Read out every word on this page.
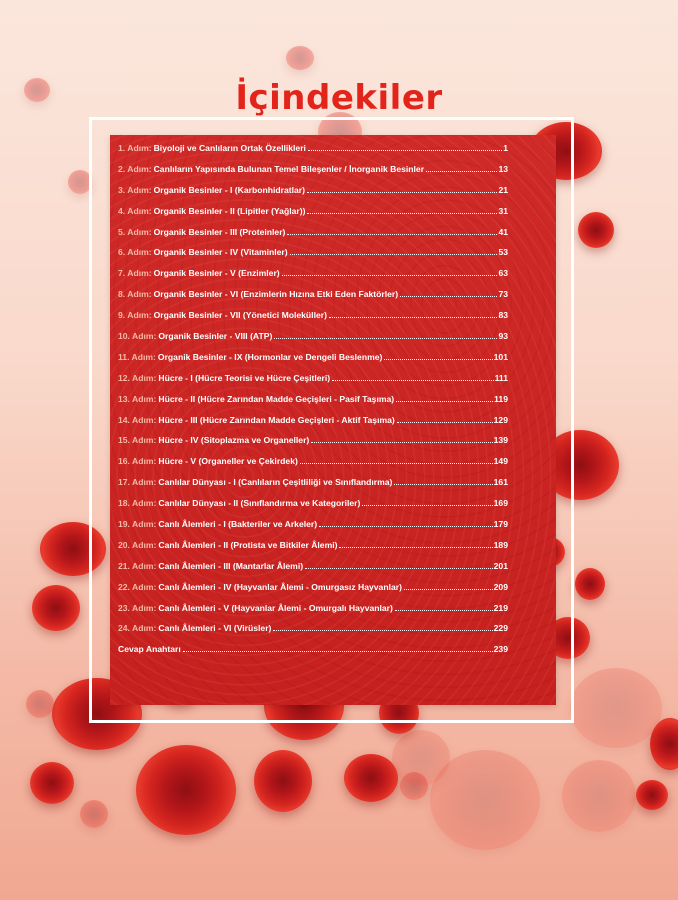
İçindekiler
1. Adım: Biyoloji ve Canlıların Ortak Özellikleri	1
2. Adım: Canlıların Yapısında Bulunan Temel Bileşenler / İnorganik Besinler	13
3. Adım: Organik Besinler - I (Karbonhidratlar)	21
4. Adım: Organik Besinler - II (Lipitler (Yağlar))	31
5. Adım: Organik Besinler - III (Proteinler)	41
6. Adım: Organik Besinler - IV (Vitaminler)	53
7. Adım: Organik Besinler - V (Enzimler)	63
8. Adım: Organik Besinler - VI (Enzimlerin Hızına Etki Eden Faktörler)	73
9. Adım: Organik Besinler - VII (Yönetici Moleküller)	83
10. Adım: Organik Besinler - VIII (ATP)	93
11. Adım: Organik Besinler - IX (Hormonlar ve Dengeli Beslenme)	101
12. Adım: Hücre - I (Hücre Teorisi ve Hücre Çeşitleri)	111
13. Adım: Hücre - II (Hücre Zarından Madde Geçişleri - Pasif Taşıma)	119
14. Adım: Hücre - III (Hücre Zarından Madde Geçişleri - Aktif Taşıma)	129
15. Adım: Hücre - IV (Sitoplazma ve Organeller)	139
16. Adım: Hücre - V (Organeller ve Çekirdek)	149
17. Adım: Canlılar Dünyası - I (Canlıların Çeşitliliği ve Sınıflandırma)	161
18. Adım: Canlılar Dünyası - II (Sınıflandırma ve Kategoriler)	169
19. Adım: Canlı Âlemleri - I (Bakteriler ve Arkeler)	179
20. Adım: Canlı Âlemleri - II (Protista ve Bitkiler Âlemi)	189
21. Adım: Canlı Âlemleri - III (Mantarlar Âlemi)	201
22. Adım: Canlı Âlemleri - IV (Hayvanlar Âlemi - Omurgasız Hayvanlar)	209
23. Adım: Canlı Âlemleri - V (Hayvanlar Âlemi - Omurgalı Hayvanlar)	219
24. Adım: Canlı Âlemleri - VI (Virüsler)	229
Cevap Anahtarı	239
